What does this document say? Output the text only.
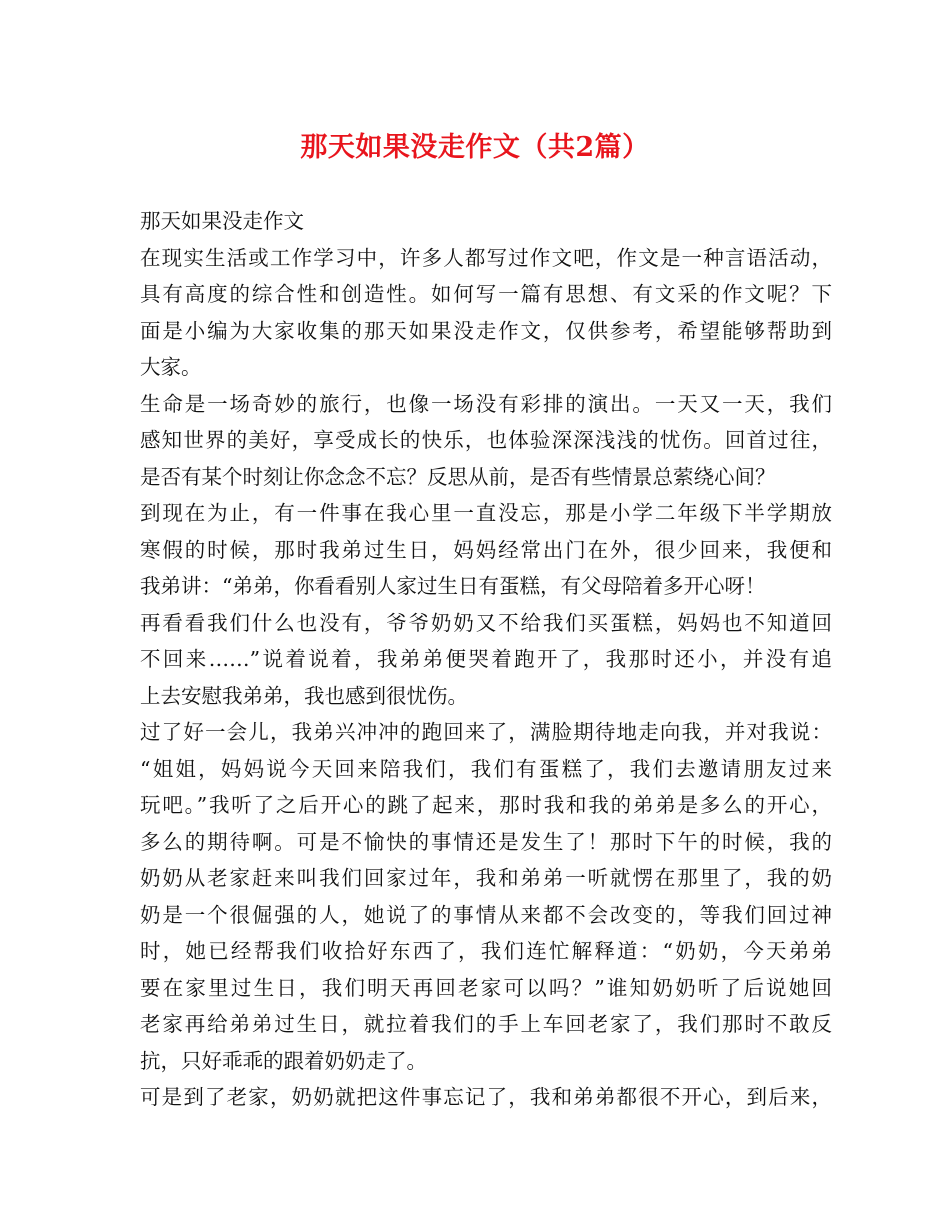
那天如果没走作文（共2篇）
那天如果没走作文
在现实生活或工作学习中，许多人都写过作文吧，作文是一种言语活动，
具有高度的综合性和创造性。如何写一篇有思想、有文采的作文呢？下
面是小编为大家收集的那天如果没走作文，仅供参考，希望能够帮助到
大家。
生命是一场奇妙的旅行，也像一场没有彩排的演出。一天又一天，我们
感知世界的美好，享受成长的快乐，也体验深深浅浅的忧伤。回首过往，
是否有某个时刻让你念念不忘？反思从前，是否有些情景总萦绕心间？
到现在为止，有一件事在我心里一直没忘，那是小学二年级下半学期放
寒假的时候，那时我弟过生日，妈妈经常出门在外，很少回来，我便和
我弟讲：“弟弟，你看看别人家过生日有蛋糕，有父母陪着多开心呀！
再看看我们什么也没有，爷爷奶奶又不给我们买蛋糕，妈妈也不知道回
不回来……”说着说着，我弟弟便哭着跑开了，我那时还小，并没有追
上去安慰我弟弟，我也感到很忧伤。
过了好一会儿，我弟兴冲冲的跑回来了，满脸期待地走向我，并对我说：
“姐姐，妈妈说今天回来陪我们，我们有蛋糕了，我们去邀请朋友过来
玩吧。”我听了之后开心的跳了起来，那时我和我的弟弟是多么的开心，
多么的期待啊。可是不愉快的事情还是发生了！那时下午的时候，我的
奶奶从老家赶来叫我们回家过年，我和弟弟一听就愣在那里了，我的奶
奶是一个很倔强的人，她说了的事情从来都不会改变的，等我们回过神
时，她已经帮我们收拾好东西了，我们连忙解释道：“奶奶，今天弟弟
要在家里过生日，我们明天再回老家可以吗？”谁知奶奶听了后说她回
老家再给弟弟过生日，就拉着我们的手上车回老家了，我们那时不敢反
抗，只好乖乖的跟着奶奶走了。
可是到了老家，奶奶就把这件事忘记了，我和弟弟都很不开心，到后来，
